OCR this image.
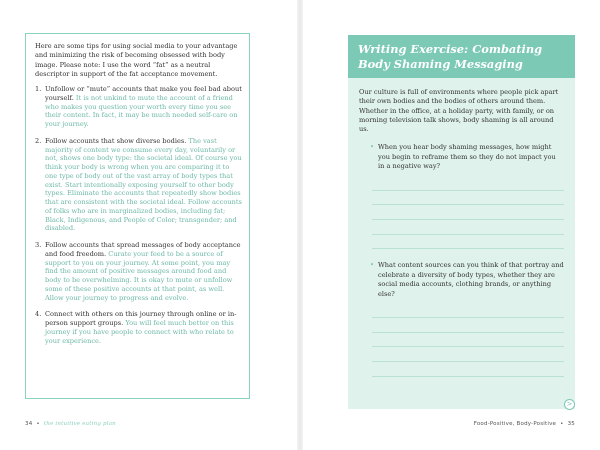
Here are some tips for using social media to your advantage and minimizing the risk of becoming obsessed with body image. Please note: I use the word “fat” as a neutral descriptor in support of the fat acceptance movement.

1. Unfollow or “mute” accounts that make you feel bad about yourself. It is not unkind to mute the account of a friend who makes you question your worth every time you see their content. In fact, it may be much needed self-care on your journey.
2. Follow accounts that show diverse bodies. The vast majority of content we consume every day, voluntarily or not, shows one body type: the societal ideal. Of course you think your body is wrong when you are comparing it to one type of body out of the vast array of body types that exist. Start intentionally exposing yourself to other body types. Eliminate the accounts that repeatedly show bodies that are consistent with the societal ideal. Follow accounts of folks who are in marginalized bodies, including fat; Black, Indigenous, and People of Color; transgender; and disabled.
3. Follow accounts that spread messages of body acceptance and food freedom. Curate your feed to be a source of support to you on your journey. At some point, you may find the amount of positive messages around food and body to be overwhelming. It is okay to mute or unfollow some of these positive accounts at that point, as well. Allow your journey to progress and evolve.
4. Connect with others on this journey through online or in-person support groups. You will feel much better on this journey if you have people to connect with who relate to your experience.
34 • the intuitive eating plan
Writing Exercise: Combating Body Shaming Messaging

Our culture is full of environments where people pick apart their own bodies and the bodies of others around them. Whether in the office, at a holiday party, with family, or on morning television talk shows, body shaming is all around us.

• When you hear body shaming messages, how might you begin to reframe them so they do not impact you in a negative way?
• What content sources can you think of that portray and celebrate a diversity of body types, whether they are social media accounts, clothing brands, or anything else?
>
Food-Positive, Body-Positive • 35
